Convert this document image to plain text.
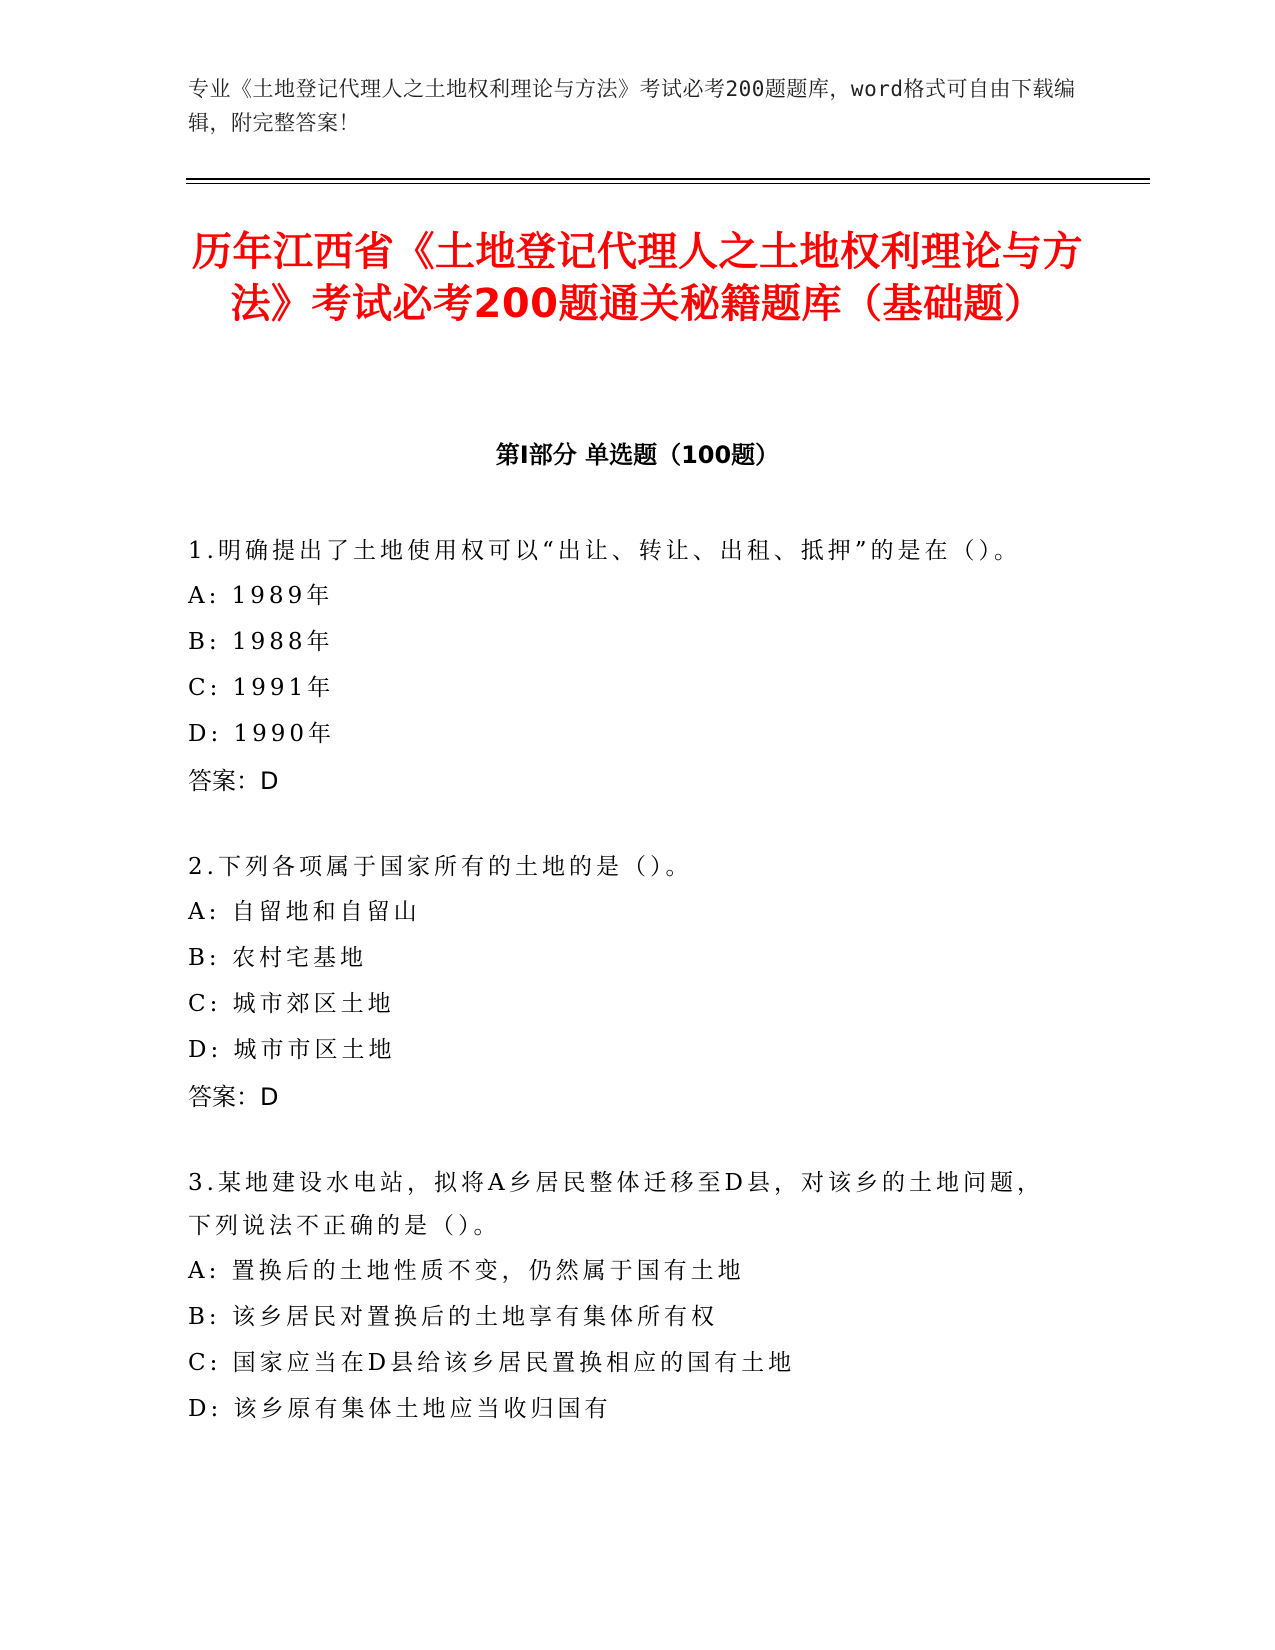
专业《土地登记代理人之土地权利理论与方法》考试必考200题题库，word格式可自由下载编辑，附完整答案！
历年江西省《土地登记代理人之土地权利理论与方法》考试必考200题通关秘籍题库（基础题）
第I部分 单选题（100题）
1.明确提出了土地使用权可以“出让、转让、出租、抵押”的是在（）。
A: 1989年
B: 1988年
C: 1991年
D: 1990年
答案：D
2.下列各项属于国家所有的土地的是（）。
A: 自留地和自留山
B: 农村宅基地
C: 城市郊区土地
D: 城市市区土地
答案：D
3.某地建设水电站，拟将A乡居民整体迁移至D县，对该乡的土地问题，下列说法不正确的是（）。
A: 置换后的土地性质不变，仍然属于国有土地
B: 该乡居民对置换后的土地享有集体所有权
C: 国家应当在D县给该乡居民置换相应的国有土地
D: 该乡原有集体土地应当收归国有
